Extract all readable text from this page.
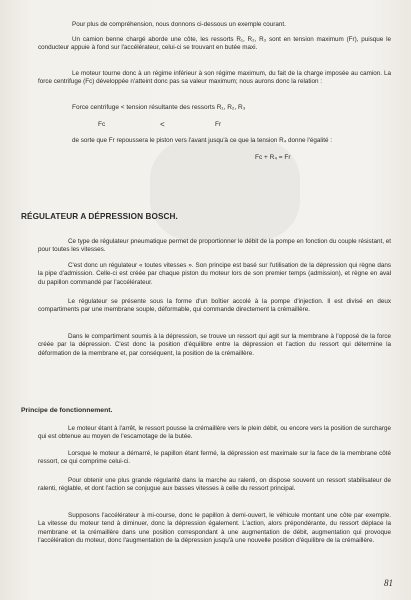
Pour plus de compréhension, nous donnons ci-dessous un exemple courant.
Un camion benne chargé aborde une côte, les ressorts R₁, R₂, R₃ sont en tension maximum (Fr), puisque le conducteur appuie à fond sur l'accélérateur, celui-ci se trouvant en butée maxi.
Le moteur tourne donc à un régime inférieur à son régime maximum, du fait de la charge imposée au camion. La force centrifuge (Fc) développée n'atteint donc pas sa valeur maximum; nous aurons donc la relation :
Force centrifuge < tension résultante des ressorts R₁, R₂, R₃
Fc	<	Fr
de sorte que Fr repoussera le piston vers l'avant jusqu'à ce que la tension R₄ donne l'égalité :
Fc + R₄ = Fr
RÉGULATEUR A DÉPRESSION BOSCH.
Ce type de régulateur pneumatique permet de proportionner le débit de la pompe en fonction du couple résistant, et pour toutes les vitesses.
C'est donc un régulateur « toutes vitesses ». Son principe est basé sur l'utilisation de la dépression qui règne dans la pipe d'admission. Celle-ci est créée par chaque piston du moteur lors de son premier temps (admission), et règne en aval du papillon commandé par l'accélérateur.
Le régulateur se présente sous la forme d'un boîtier accolé à la pompe d'injection. Il est divisé en deux compartiments par une membrane souple, déformable, qui commande directement la crémaillère.
Dans le compartiment soumis à la dépression, se trouve un ressort qui agit sur la membrane à l'opposé de la force créée par la dépression. C'est donc la position d'équilibre entre la dépression et l'action du ressort qui détermine la déformation de la membrane et, par conséquent, la position de la crémaillère.
Principe de fonctionnement.
Le moteur étant à l'arrêt, le ressort pousse la crémaillère vers le plein débit, ou encore vers la position de surcharge qui est obtenue au moyen de l'escamotage de la butée.
Lorsque le moteur a démarré, le papillon étant fermé, la dépression est maximale sur la face de la membrane côté ressort, ce qui comprime celui-ci.
Pour obtenir une plus grande régularité dans la marche au ralenti, on dispose souvent un ressort stabilisateur de ralenti, réglable, et dont l'action se conjugue aux basses vitesses à celle du ressort principal.
Supposons l'accélérateur à mi-course, donc le papillon à demi-ouvert, le véhicule montant une côte par exemple. La vitesse du moteur tend à diminuer, donc la dépression également. L'action, alors prépondérante, du ressort déplace la membrane et la crémaillère dans une position correspondant à une augmentation de débit, augmentation qui provoque l'accélération du moteur, donc l'augmentation de la dépression jusqu'à une nouvelle position d'équilibre de la crémaillère.
81
